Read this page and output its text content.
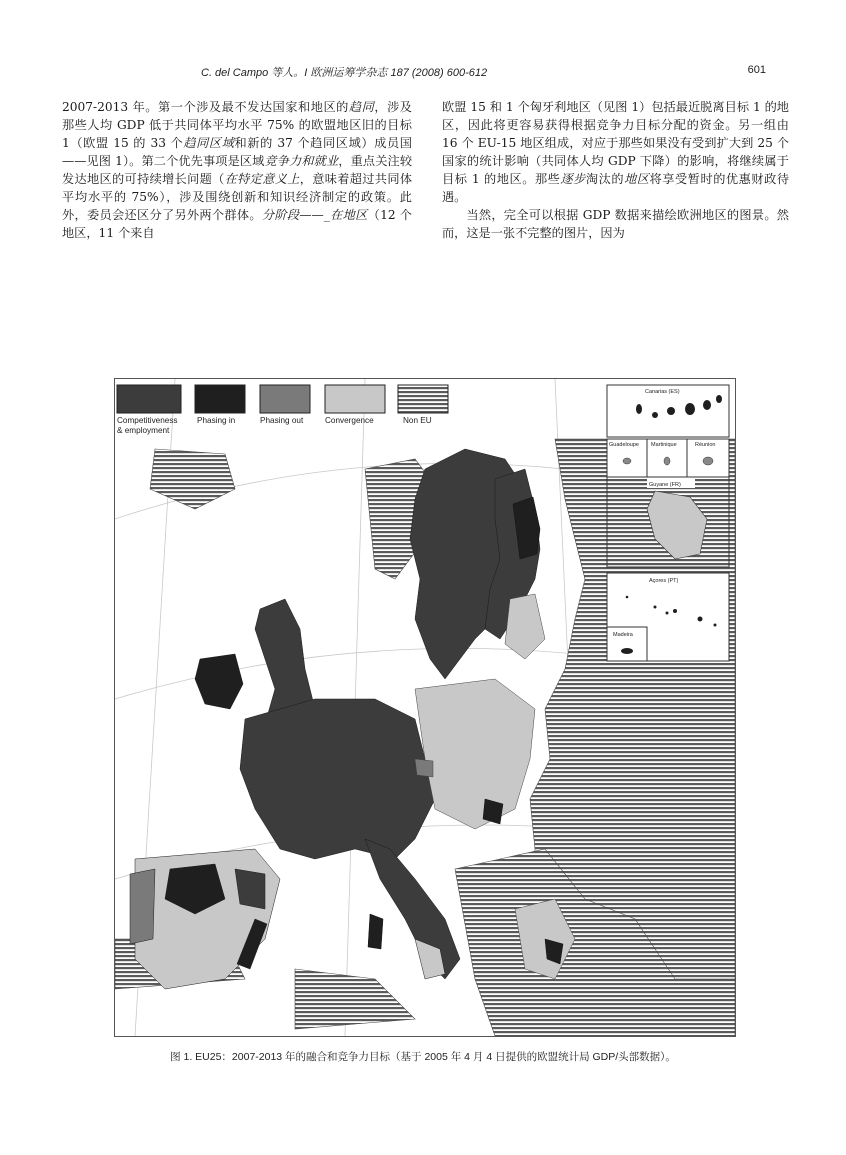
C. del Campo 等人。I 欧洲运筹学杂志 187 (2008) 600-612	601

2007-2013 年。第一个涉及最不发达国家和地区的趋同，涉及那些人均 GDP 低于共同体平均水平 75% 的欧盟地区旧的目标 1（欧盟 15 的 33 个趋同区域和新的 37 个趋同区域）成员国——见图 1）。第二个优先事项是区域竞争力和就业，重点关注较发达地区的可持续增长问题（在特定意义上，意味着超过共同体平均水平的 75%），涉及围绕创新和知识经济制定的政策。此外，委员会还区分了另外两个群体。分阶段——_在地区（12 个地区，11 个来自

欧盟 15 和 1 个匈牙利地区（见图 1）包括最近脱离目标 1 的地区，因此将更容易获得根据竞争力目标分配的资金。另一组由 16 个 EU-15 地区组成，对应于那些如果没有受到扩大到 25 个国家的统计影响（共同体人均 GDP 下降）的影响，将继续属于目标 1 的地区。那些逐步淘汰的地区将享受暂时的优惠财政待遇。

当然，完全可以根据 GDP 数据来描绘欧洲地区的图景。然而，这是一张不完整的图片，因为

Competitiveness
& employment
Phasing in	Phasing out	Convergence	Non EU
Canarias (ES)
Guadeloupe Martinique	Réunion
Guyane (FR)
Açores (PT)
Madeira
图 1. EU25：2007-2013 年的融合和竞争力目标（基于 2005 年 4 月 4 日提供的欧盟统计局 GDP/头部数据）。
